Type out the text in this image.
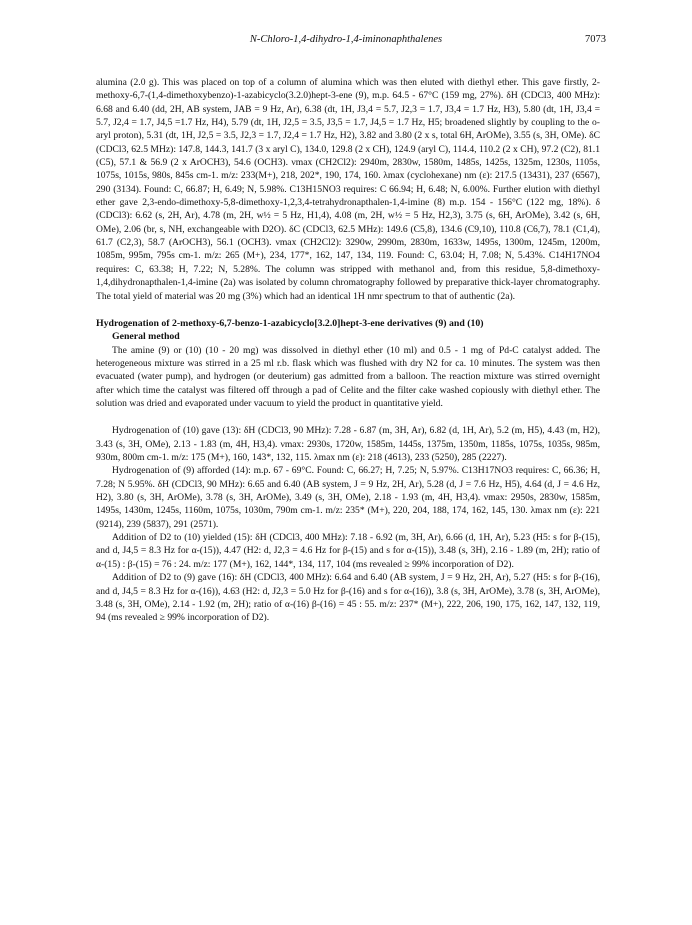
N-Chloro-1,4-dihydro-1,4-iminonaphthalenes	7073

alumina (2.0 g). This was placed on top of a column of alumina which was then eluted with diethyl ether. This gave firstly, 2-methoxy-6,7-(1,4-dimethoxybenzo)-1-azabicyclo(3.2.0)hept-3-ene (9), m.p. 64.5 - 67°C (159 mg, 27%). δH (CDCl3, 400 MHz): 6.68 and 6.40 (dd, 2H, AB system, JAB = 9 Hz, Ar), 6.38 (dt, 1H, J3,4 = 5.7, J2,3 = 1.7, J3,4 = 1.7 Hz, H3), 5.80 (dt, 1H, J3,4 = 5.7, J2,4 = 1.7, J4,5 =1.7 Hz, H4), 5.79 (dt, 1H, J2,5 = 3.5, J3,5 = 1.7, J4,5 = 1.7 Hz, H5; broadened slightly by coupling to the o-aryl proton), 5.31 (dt, 1H, J2,5 = 3.5, J2,3 = 1.7, J2,4 = 1.7 Hz, H2), 3.82 and 3.80 (2 x s, total 6H, ArOMe), 3.55 (s, 3H, OMe). δC (CDCl3, 62.5 MHz): 147.8, 144.3, 141.7 (3 x aryl C), 134.0, 129.8 (2 x CH), 124.9 (aryl C), 114.4, 110.2 (2 x CH), 97.2 (C2), 81.1 (C5), 57.1 & 56.9 (2 x ArOCH3), 54.6 (OCH3). νmax (CH2Cl2): 2940m, 2830w, 1580m, 1485s, 1425s, 1325m, 1230s, 1105s, 1075s, 1015s, 980s, 845s cm-1. m/z: 233(M+), 218, 202*, 190, 174, 160. λmax (cyclohexane) nm (ε): 217.5 (13431), 237 (6567), 290 (3134). Found: C, 66.87; H, 6.49; N, 5.98%. C13H15NO3 requires: C 66.94; H, 6.48; N, 6.00%. Further elution with diethyl ether gave 2,3-endo-dimethoxy-5,8-dimethoxy-1,2,3,4-tetrahydronapthalen-1,4-imine (8) m.p. 154 - 156°C (122 mg, 18%). δ (CDCl3): 6.62 (s, 2H, Ar), 4.78 (m, 2H, w½ = 5 Hz, H1,4), 4.08 (m, 2H, w½ = 5 Hz, H2,3), 3.75 (s, 6H, ArOMe), 3.42 (s, 6H, OMe), 2.06 (br, s, NH, exchangeable with D2O). δC (CDCl3, 62.5 MHz): 149.6 (C5,8), 134.6 (C9,10), 110.8 (C6,7), 78.1 (C1,4), 61.7 (C2,3), 58.7 (ArOCH3), 56.1 (OCH3). νmax (CH2Cl2): 3290w, 2990m, 2830m, 1633w, 1495s, 1300m, 1245m, 1200m, 1085m, 995m, 795s cm-1. m/z: 265 (M+), 234, 177*, 162, 147, 134, 119. Found: C, 63.04; H, 7.08; N, 5.43%. C14H17NO4 requires: C, 63.38; H, 7.22; N, 5.28%. The column was stripped with methanol and, from this residue, 5,8-dimethoxy-1,4,dihydronapthalen-1,4-imine (2a) was isolated by column chromatography followed by preparative thick-layer chromatography. The total yield of material was 20 mg (3%) which had an identical 1H nmr spectrum to that of authentic (2a).

Hydrogenation of 2-methoxy-6,7-benzo-1-azabicyclo[3.2.0]hept-3-ene derivatives (9) and (10)
General method

The amine (9) or (10) (10 - 20 mg) was dissolved in diethyl ether (10 ml) and 0.5 - 1 mg of Pd-C catalyst added. The heterogeneous mixture was stirred in a 25 ml r.b. flask which was flushed with dry N2 for ca. 10 minutes. The system was then evacuated (water pump), and hydrogen (or deuterium) gas admitted from a balloon. The reaction mixture was stirred overnight after which time the catalyst was filtered off through a pad of Celite and the filter cake washed copiously with diethyl ether. The solution was dried and evaporated under vacuum to yield the product in quantitative yield.

Hydrogenation of (10) gave (13): δH (CDCl3, 90 MHz): 7.28 - 6.87 (m, 3H, Ar), 6.82 (d, 1H, Ar), 5.2 (m, H5), 4.43 (m, H2), 3.43 (s, 3H, OMe), 2.13 - 1.83 (m, 4H, H3,4). νmax: 2930s, 1720w, 1585m, 1445s, 1375m, 1350m, 1185s, 1075s, 1035s, 985m, 930m, 800m cm-1. m/z: 175 (M+), 160, 143*, 132, 115. λmax nm (ε): 218 (4613), 233 (5250), 285 (2227).

Hydrogenation of (9) afforded (14): m.p. 67 - 69°C. Found: C, 66.27; H, 7.25; N, 5.97%. C13H17NO3 requires: C, 66.36; H, 7.28; N 5.95%. δH (CDCl3, 90 MHz): 6.65 and 6.40 (AB system, J = 9 Hz, 2H, Ar), 5.28 (d, J = 7.6 Hz, H5), 4.64 (d, J = 4.6 Hz, H2), 3.80 (s, 3H, ArOMe), 3.78 (s, 3H, ArOMe), 3.49 (s, 3H, OMe), 2.18 - 1.93 (m, 4H, H3,4). νmax: 2950s, 2830w, 1585m, 1495s, 1430m, 1245s, 1160m, 1075s, 1030m, 790m cm-1. m/z: 235* (M+), 220, 204, 188, 174, 162, 145, 130. λmax nm (ε): 221 (9214), 239 (5837), 291 (2571).

Addition of D2 to (10) yielded (15): δH (CDCl3, 400 MHz): 7.18 - 6.92 (m, 3H, Ar), 6.66 (d, 1H, Ar), 5.23 (H5: s for β-(15), and d, J4,5 = 8.3 Hz for α-(15)), 4.47 (H2: d, J2,3 = 4.6 Hz for β-(15) and s for α-(15)), 3.48 (s, 3H), 2.16 - 1.89 (m, 2H); ratio of α-(15) : β-(15) = 76 : 24. m/z: 177 (M+), 162, 144*, 134, 117, 104 (ms revealed ≥ 99% incorporation of D2).

Addition of D2 to (9) gave (16): δH (CDCl3, 400 MHz): 6.64 and 6.40 (AB system, J = 9 Hz, 2H, Ar), 5.27 (H5: s for β-(16), and d, J4,5 = 8.3 Hz for α-(16)), 4.63 (H2: d, J2,3 = 5.0 Hz for β-(16) and s for α-(16)), 3.8 (s, 3H, ArOMe), 3.78 (s, 3H, ArOMe), 3.48 (s, 3H, OMe), 2.14 - 1.92 (m, 2H); ratio of α-(16) β-(16) = 45 : 55. m/z: 237* (M+), 222, 206, 190, 175, 162, 147, 132, 119, 94 (ms revealed ≥ 99% incorporation of D2).
